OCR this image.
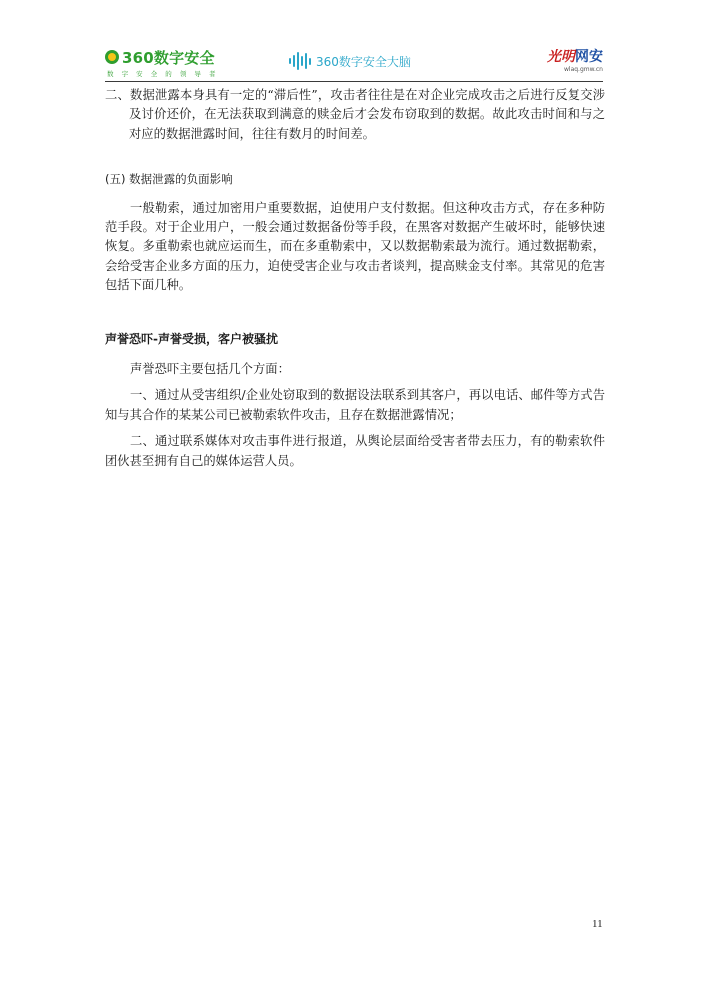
360数字安全
数 字 安 全 的 领 导 者
360数字安全大脑	光明网安
wlaq.gmw.cn

二、数据泄露本身具有一定的“滞后性”，攻击者往往是在对企业完成攻击之后进行反复交涉及讨价还价，在无法获取到满意的赎金后才会发布窃取到的数据。故此攻击时间和与之对应的数据泄露时间，往往有数月的时间差。

(五) 数据泄露的负面影响

一般勒索，通过加密用户重要数据，迫使用户支付数据。但这种攻击方式，存在多种防范手段。对于企业用户，一般会通过数据备份等手段，在黑客对数据产生破坏时，能够快速恢复。多重勒索也就应运而生，而在多重勒索中，又以数据勒索最为流行。通过数据勒索，会给受害企业多方面的压力，迫使受害企业与攻击者谈判，提高赎金支付率。其常见的危害包括下面几种。

声誉恐吓-声誉受损，客户被骚扰

声誉恐吓主要包括几个方面：

一、通过从受害组织/企业处窃取到的数据设法联系到其客户，再以电话、邮件等方式告知与其合作的某某公司已被勒索软件攻击，且存在数据泄露情况；

二、通过联系媒体对攻击事件进行报道，从舆论层面给受害者带去压力，有的勒索软件团伙甚至拥有自己的媒体运营人员。

11
